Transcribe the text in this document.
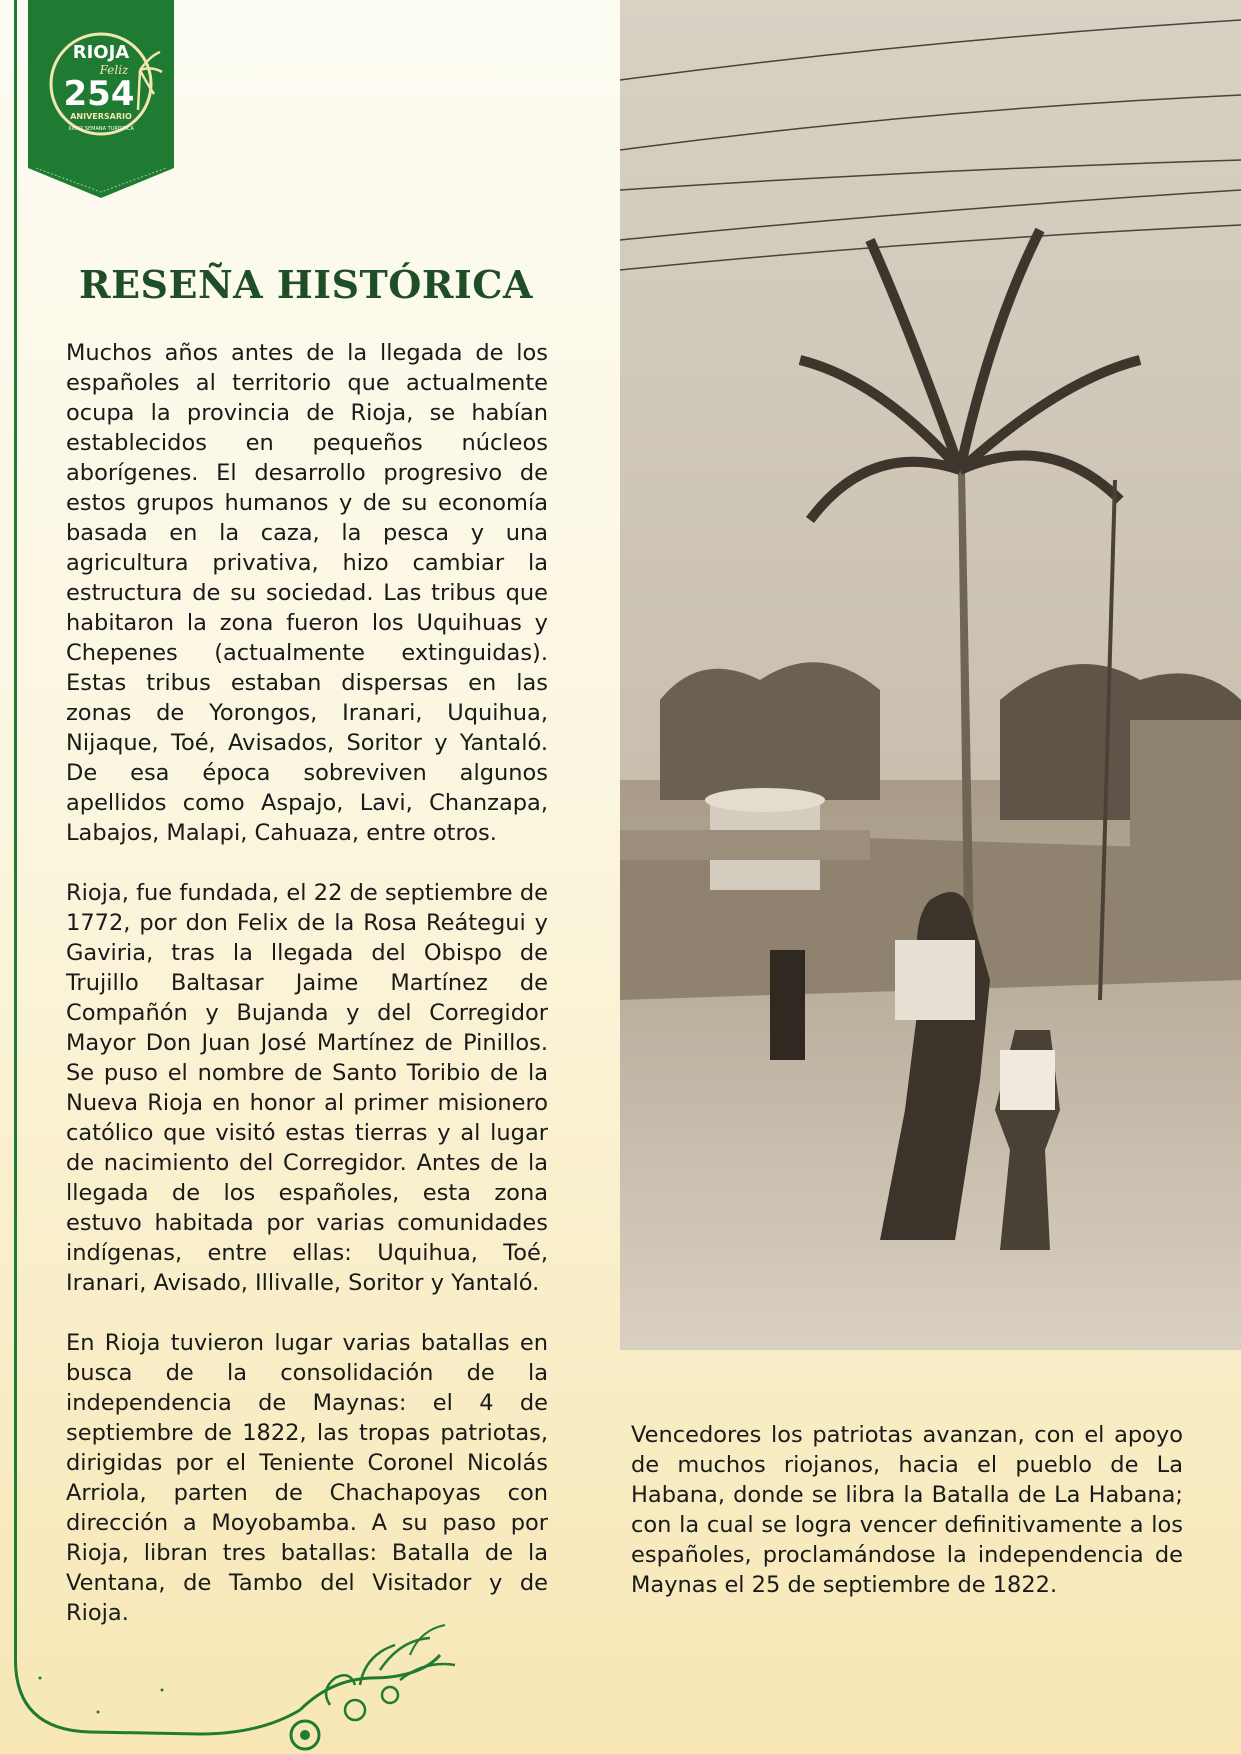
RIOJA
Feliz
254
ANIVERSARIO
XXXIX SEMANA TURÍSTICA
RESEÑA HISTÓRICA

Muchos años antes de la llegada de los españoles al territorio que actualmente ocupa la provincia de Rioja, se habían establecidos en pequeños núcleos aborígenes. El desarrollo progresivo de estos grupos humanos y de su economía basada en la caza, la pesca y una agricultura privativa, hizo cambiar la estructura de su sociedad. Las tribus que habitaron la zona fueron los Uquihuas y Chepenes (actualmente extinguidas). Estas tribus estaban dispersas en las zonas de Yorongos, Iranari, Uquihua, Nijaque, Toé, Avisados, Soritor y Yantaló. De esa época sobreviven algunos apellidos como Aspajo, Lavi, Chanzapa, Labajos, Malapi, Cahuaza, entre otros.

Rioja, fue fundada, el 22 de septiembre de 1772, por don Felix de la Rosa Reátegui y Gaviria, tras la llegada del Obispo de Trujillo Baltasar Jaime Martínez de Compañón y Bujanda y del Corregidor Mayor Don Juan José Martínez de Pinillos. Se puso el nombre de Santo Toribio de la Nueva Rioja en honor al primer misionero católico que visitó estas tierras y al lugar de nacimiento del Corregidor. Antes de la llegada de los españoles, esta zona estuvo habitada por varias comunidades indígenas, entre ellas: Uquihua, Toé, Iranari, Avisado, Illivalle, Soritor y Yantaló.

En Rioja tuvieron lugar varias batallas en busca de la consolidación de la independencia de Maynas: el 4 de septiembre de 1822, las tropas patriotas, dirigidas por el Teniente Coronel Nicolás Arriola, parten de Chachapoyas con dirección a Moyobamba. A su paso por Rioja, libran tres batallas: Batalla de la Ventana, de Tambo del Visitador y de Rioja.

Vencedores los patriotas avanzan, con el apoyo de muchos riojanos, hacia el pueblo de La Habana, donde se libra la Batalla de La Habana; con la cual se logra vencer definitivamente a los españoles, proclamándose la independencia de Maynas el 25 de septiembre de 1822.
